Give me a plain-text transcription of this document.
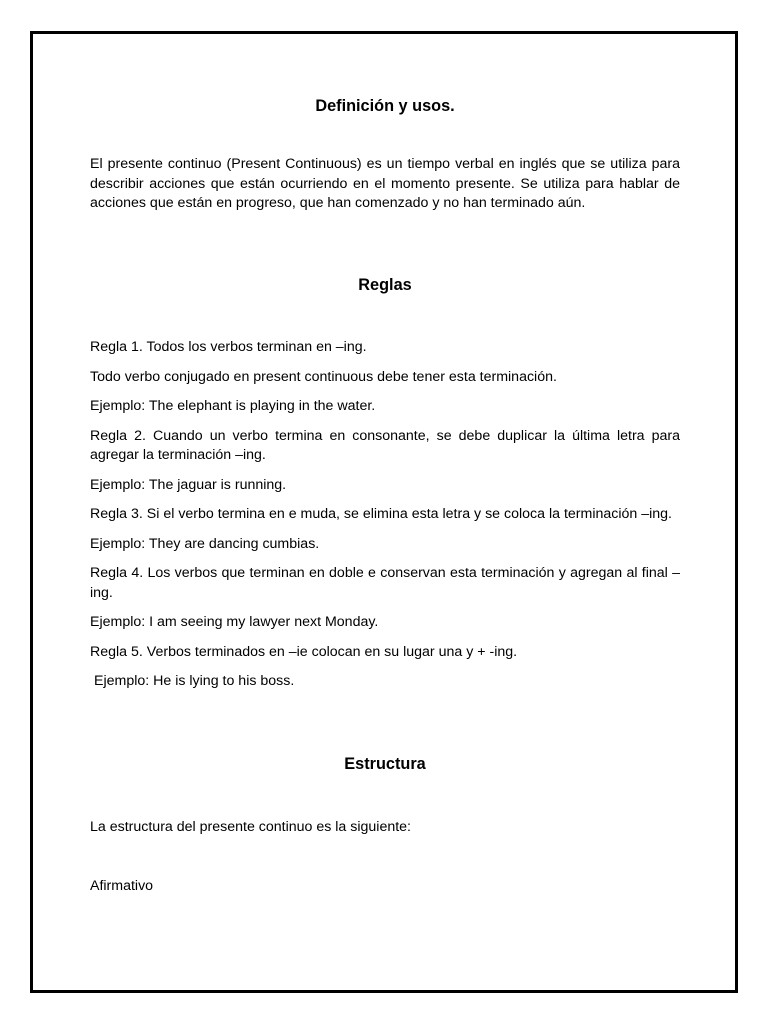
Definición y usos.

El presente continuo (Present Continuous) es un tiempo verbal en inglés que se utiliza para describir acciones que están ocurriendo en el momento presente. Se utiliza para hablar de acciones que están en progreso, que han comenzado y no han terminado aún.

Reglas

Regla 1. Todos los verbos terminan en –ing.

Todo verbo conjugado en present continuous debe tener esta terminación.

Ejemplo: The elephant is playing in the water.

Regla 2. Cuando un verbo termina en consonante, se debe duplicar la última letra para agregar la terminación –ing.

Ejemplo: The jaguar is running.

Regla 3. Si el verbo termina en e muda, se elimina esta letra y se coloca la terminación –ing.

Ejemplo: They are dancing cumbias.

Regla 4. Los verbos que terminan en doble e conservan esta terminación y agregan al final –ing.

Ejemplo: I am seeing my lawyer next Monday.

Regla 5. Verbos terminados en –ie colocan en su lugar una y + -ing.

Ejemplo: He is lying to his boss.

Estructura

La estructura del presente continuo es la siguiente:

Afirmativo
